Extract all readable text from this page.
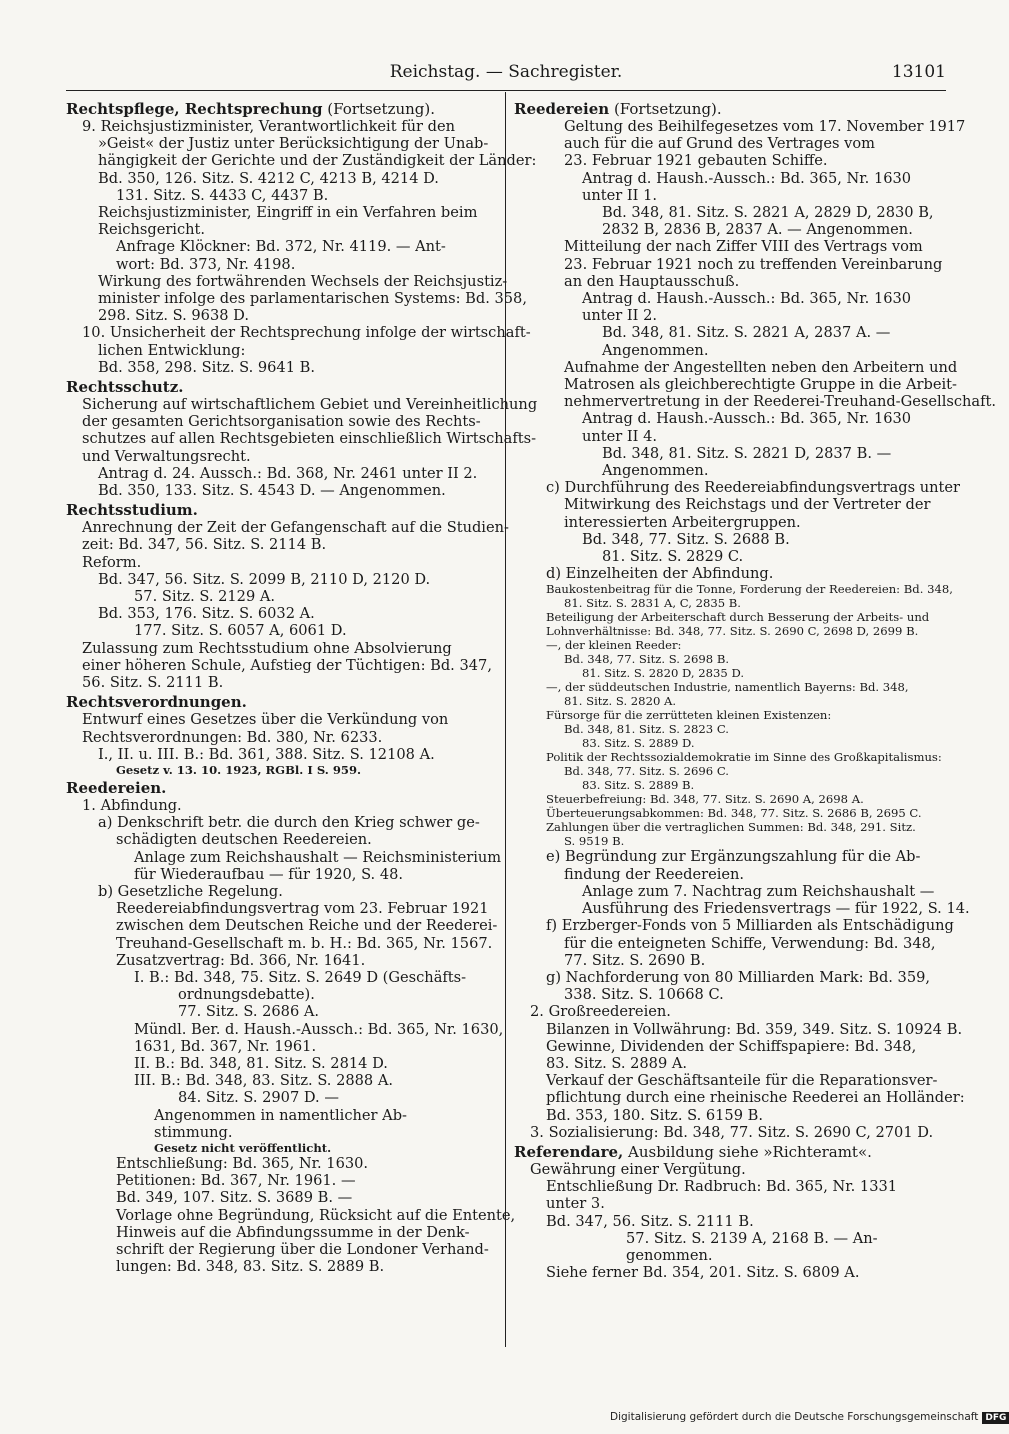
Reichstag. — Sachregister.	13101
Rechtspflege, Rechtsprechung (Fortsetzung).
9. Reichsjustizminister, Verantwortlichkeit für den
»Geist« der Justiz unter Berücksichtigung der Unab-
hängigkeit der Gerichte und der Zuständigkeit der Länder:
Bd. 350, 126. Sitz. S. 4212 C, 4213 B, 4214 D.
131. Sitz. S. 4433 C, 4437 B.
Reichsjustizminister, Eingriff in ein Verfahren beim
Reichsgericht.
Anfrage Klöckner: Bd. 372, Nr. 4119. — Ant-
wort: Bd. 373, Nr. 4198.
Wirkung des fortwährenden Wechsels der Reichsjustiz-
minister infolge des parlamentarischen Systems: Bd. 358,
298. Sitz. S. 9638 D.
10. Unsicherheit der Rechtsprechung infolge der wirtschaft-
lichen Entwicklung:
Bd. 358, 298. Sitz. S. 9641 B.
Rechtsschutz.
Sicherung auf wirtschaftlichem Gebiet und Vereinheitlichung
der gesamten Gerichtsorganisation sowie des Rechts-
schutzes auf allen Rechtsgebieten einschließlich Wirtschafts-
und Verwaltungsrecht.
Antrag d. 24. Aussch.: Bd. 368, Nr. 2461 unter II 2.
Bd. 350, 133. Sitz. S. 4543 D. — Angenommen.
Rechtsstudium.
Anrechnung der Zeit der Gefangenschaft auf die Studien-
zeit: Bd. 347, 56. Sitz. S. 2114 B.
Reform.
Bd. 347, 56. Sitz. S. 2099 B, 2110 D, 2120 D.
57. Sitz. S. 2129 A.
Bd. 353, 176. Sitz. S. 6032 A.
177. Sitz. S. 6057 A, 6061 D.
Zulassung zum Rechtsstudium ohne Absolvierung
einer höheren Schule, Aufstieg der Tüchtigen: Bd. 347,
56. Sitz. S. 2111 B.
Rechtsverordnungen.
Entwurf eines Gesetzes über die Verkündung von
Rechtsverordnungen: Bd. 380, Nr. 6233.
I., II. u. III. B.: Bd. 361, 388. Sitz. S. 12108 A.
Gesetz v. 13. 10. 1923, RGBl. I S. 959.
Reedereien.
1. Abfindung.
a) Denkschrift betr. die durch den Krieg schwer ge-
schädigten deutschen Reedereien.
Anlage zum Reichshaushalt — Reichsministerium
für Wiederaufbau — für 1920, S. 48.
b) Gesetzliche Regelung.
Reedereiabfindungsvertrag vom 23. Februar 1921
zwischen dem Deutschen Reiche und der Reederei-
Treuhand-Gesellschaft m. b. H.: Bd. 365, Nr. 1567.
Zusatzvertrag: Bd. 366, Nr. 1641.
I. B.: Bd. 348, 75. Sitz. S. 2649 D (Geschäfts-
ordnungsdebatte).
77. Sitz. S. 2686 A.
Mündl. Ber. d. Haush.-Aussch.: Bd. 365, Nr. 1630,
1631, Bd. 367, Nr. 1961.
II. B.: Bd. 348, 81. Sitz. S. 2814 D.
III. B.: Bd. 348, 83. Sitz. S. 2888 A.
84. Sitz. S. 2907 D. —
Angenommen in namentlicher Ab-
stimmung.
Gesetz nicht veröffentlicht.
Entschließung: Bd. 365, Nr. 1630.
Petitionen: Bd. 367, Nr. 1961. —
Bd. 349, 107. Sitz. S. 3689 B. —
Vorlage ohne Begründung, Rücksicht auf die Entente,
Hinweis auf die Abfindungssumme in der Denk-
schrift der Regierung über die Londoner Verhand-
lungen: Bd. 348, 83. Sitz. S. 2889 B.
Reedereien (Fortsetzung).
Geltung des Beihilfegesetzes vom 17. November 1917
auch für die auf Grund des Vertrages vom
23. Februar 1921 gebauten Schiffe.
Antrag d. Haush.-Aussch.: Bd. 365, Nr. 1630
unter II 1.
Bd. 348, 81. Sitz. S. 2821 A, 2829 D, 2830 B,
2832 B, 2836 B, 2837 A. — Angenommen.
Mitteilung der nach Ziffer VIII des Vertrags vom
23. Februar 1921 noch zu treffenden Vereinbarung
an den Hauptausschuß.
Antrag d. Haush.-Aussch.: Bd. 365, Nr. 1630
unter II 2.
Bd. 348, 81. Sitz. S. 2821 A, 2837 A. —
Angenommen.
Aufnahme der Angestellten neben den Arbeitern und
Matrosen als gleichberechtigte Gruppe in die Arbeit-
nehmervertretung in der Reederei-Treuhand-Gesellschaft.
Antrag d. Haush.-Aussch.: Bd. 365, Nr. 1630
unter II 4.
Bd. 348, 81. Sitz. S. 2821 D, 2837 B. —
Angenommen.
c) Durchführung des Reedereiabfindungsvertrags unter
Mitwirkung des Reichstags und der Vertreter der
interessierten Arbeitergruppen.
Bd. 348, 77. Sitz. S. 2688 B.
81. Sitz. S. 2829 C.
d) Einzelheiten der Abfindung.
Baukostenbeitrag für die Tonne, Forderung der Reedereien: Bd. 348,
81. Sitz. S. 2831 A, C, 2835 B.
Beteiligung der Arbeiterschaft durch Besserung der Arbeits- und
Lohnverhältnisse: Bd. 348, 77. Sitz. S. 2690 C, 2698 D, 2699 B.
—, der kleinen Reeder:
Bd. 348, 77. Sitz. S. 2698 B.
81. Sitz. S. 2820 D, 2835 D.
—, der süddeutschen Industrie, namentlich Bayerns: Bd. 348,
81. Sitz. S. 2820 A.
Fürsorge für die zerrütteten kleinen Existenzen:
Bd. 348, 81. Sitz. S. 2823 C.
83. Sitz. S. 2889 D.
Politik der Rechtssozialdemokratie im Sinne des Großkapitalismus:
Bd. 348, 77. Sitz. S. 2696 C.
83. Sitz. S. 2889 B.
Steuerbefreiung: Bd. 348, 77. Sitz. S. 2690 A, 2698 A.
Überteuerungsabkommen: Bd. 348, 77. Sitz. S. 2686 B, 2695 C.
Zahlungen über die vertraglichen Summen: Bd. 348, 291. Sitz.
S. 9519 B.
e) Begründung zur Ergänzungszahlung für die Ab-
findung der Reedereien.
Anlage zum 7. Nachtrag zum Reichshaushalt —
Ausführung des Friedensvertrags — für 1922, S. 14.
f) Erzberger-Fonds von 5 Milliarden als Entschädigung
für die enteigneten Schiffe, Verwendung: Bd. 348,
77. Sitz. S. 2690 B.
g) Nachforderung von 80 Milliarden Mark: Bd. 359,
338. Sitz. S. 10668 C.
2. Großreedereien.
Bilanzen in Vollwährung: Bd. 359, 349. Sitz. S. 10924 B.
Gewinne, Dividenden der Schiffspapiere: Bd. 348,
83. Sitz. S. 2889 A.
Verkauf der Geschäftsanteile für die Reparationsver-
pflichtung durch eine rheinische Reederei an Holländer:
Bd. 353, 180. Sitz. S. 6159 B.
3. Sozialisierung: Bd. 348, 77. Sitz. S. 2690 C, 2701 D.
Referendare, Ausbildung siehe »Richteramt«.
Gewährung einer Vergütung.
Entschließung Dr. Radbruch: Bd. 365, Nr. 1331
unter 3.
Bd. 347, 56. Sitz. S. 2111 B.
57. Sitz. S. 2139 A, 2168 B. — An-
genommen.
Siehe ferner Bd. 354, 201. Sitz. S. 6809 A.
Digitalisierung gefördert durch die Deutsche Forschungsgemeinschaft DFG
